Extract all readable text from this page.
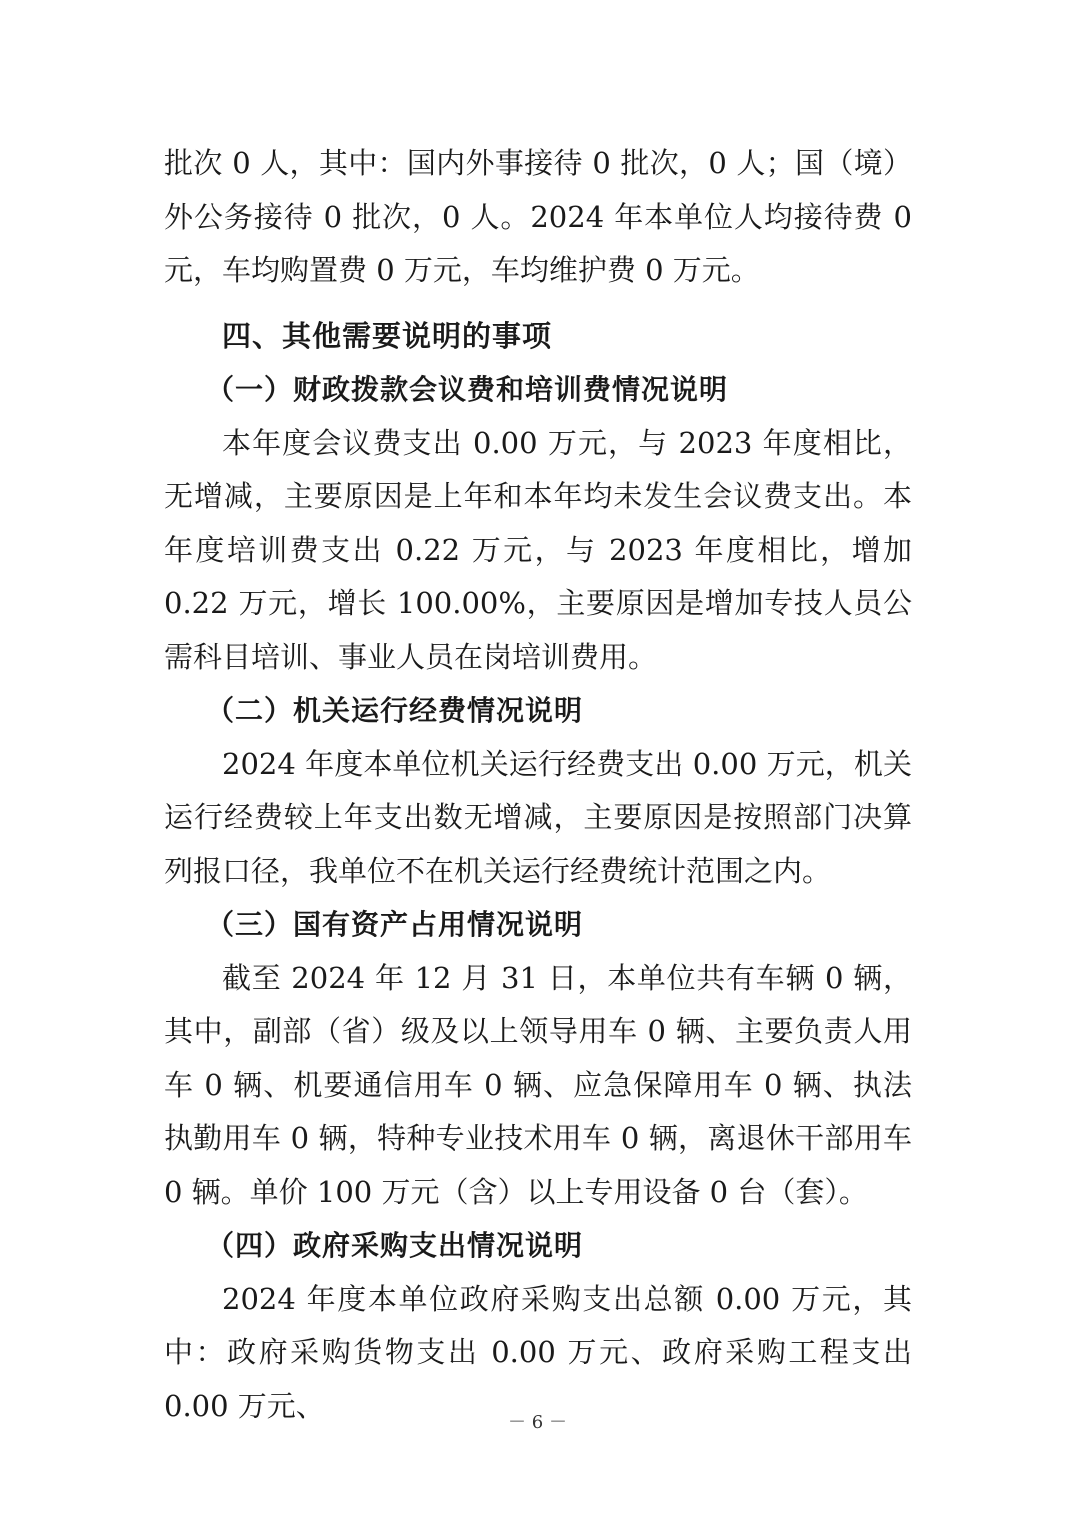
批次 0 人，其中：国内外事接待 0 批次，0 人；国（境）外公务接待 0 批次，0 人。2024 年本单位人均接待费 0 元，车均购置费 0 万元，车均维护费 0 万元。

四、其他需要说明的事项

（一）财政拨款会议费和培训费情况说明

本年度会议费支出 0.00 万元，与 2023 年度相比，无增减，主要原因是上年和本年均未发生会议费支出。本年度培训费支出 0.22 万元，与 2023 年度相比，增加 0.22 万元，增长 100.00%，主要原因是增加专技人员公需科目培训、事业人员在岗培训费用。

（二）机关运行经费情况说明

2024 年度本单位机关运行经费支出 0.00 万元，机关运行经费较上年支出数无增减，主要原因是按照部门决算列报口径，我单位不在机关运行经费统计范围之内。

（三）国有资产占用情况说明

截至 2024 年 12 月 31 日，本单位共有车辆 0 辆，其中，副部（省）级及以上领导用车 0 辆、主要负责人用车 0 辆、机要通信用车 0 辆、应急保障用车 0 辆、执法执勤用车 0 辆，特种专业技术用车 0 辆，离退休干部用车 0 辆。单价 100 万元（含）以上专用设备 0 台（套）。

（四）政府采购支出情况说明

2024 年度本单位政府采购支出总额 0.00 万元，其中：政府采购货物支出 0.00 万元、政府采购工程支出 0.00 万元、	－ 6 －
